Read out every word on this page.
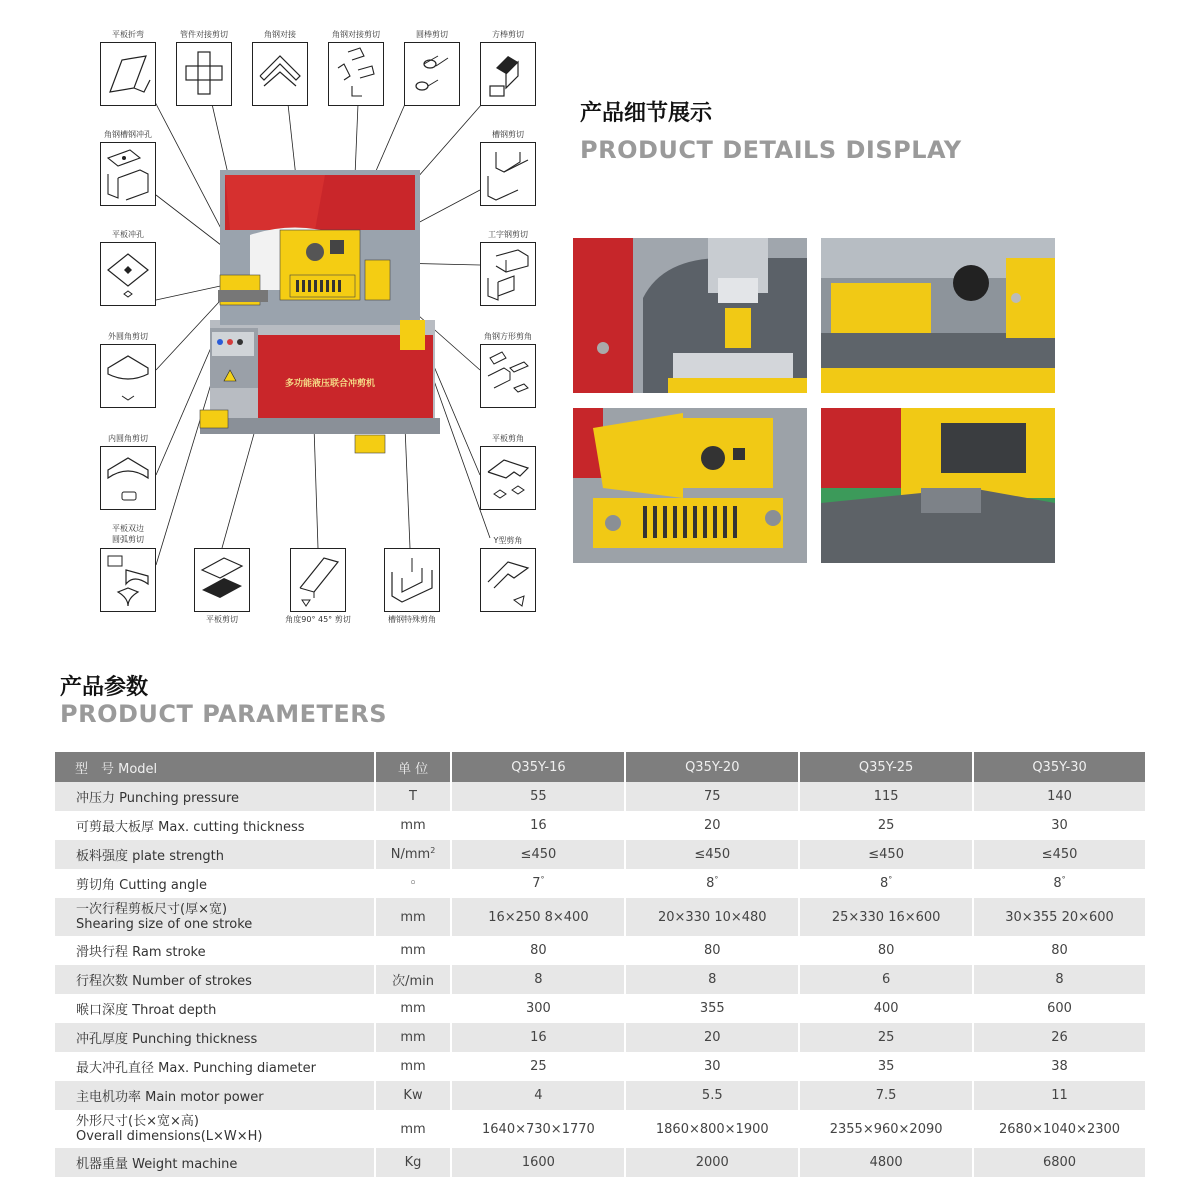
多功能液压联合冲剪机
平板折弯	管件对接剪切	角钢对接	角钢对接剪切	圆棒剪切	方棒剪切
角钢槽钢冲孔
平板冲孔
外圆角剪切
内圆角剪切
平板双边
圆弧剪切
槽钢剪切
工字钢剪切
角钢方形剪角
平板剪角
Y型剪角
平板剪切	角度90° 45° 剪切	槽钢特殊剪角
产品细节展示
PRODUCT DETAILS DISPLAY
产品参数
PRODUCT PARAMETERS
型　号 Model	单 位	Q35Y-16	Q35Y-20	Q35Y-25	Q35Y-30

冲压力 Punching pressure	T	55	75	115	140

可剪最大板厚 Max. cutting thickness	mm	16	20	25	30

板料强度 plate strength	$N/mm^2$	≤450	≤450	≤450	≤450

剪切角 Cutting angle	◦	7°	8°	8°	8°

一次行程剪板尺寸(厚×宽)
Shearing size of one stroke	mm	16×250 8×400	20×330 10×480	25×330 16×600	30×355 20×600

滑块行程 Ram stroke	mm	80	80	80	80

行程次数 Number of strokes	次/min	8	8	6	8

喉口深度 Throat depth	mm	300	355	400	600

冲孔厚度 Punching thickness	mm	16	20	25	26

最大冲孔直径 Max. Punching diameter	mm	25	30	35	38

主电机功率 Main motor power	Kw	4	5.5	7.5	11

外形尺寸(长×宽×高)
Overall dimensions(L×W×H)	mm	1640×730×1770	1860×800×1900	2355×960×2090	2680×1040×2300

机器重量 Weight machine	Kg	1600	2000	4800	6800
